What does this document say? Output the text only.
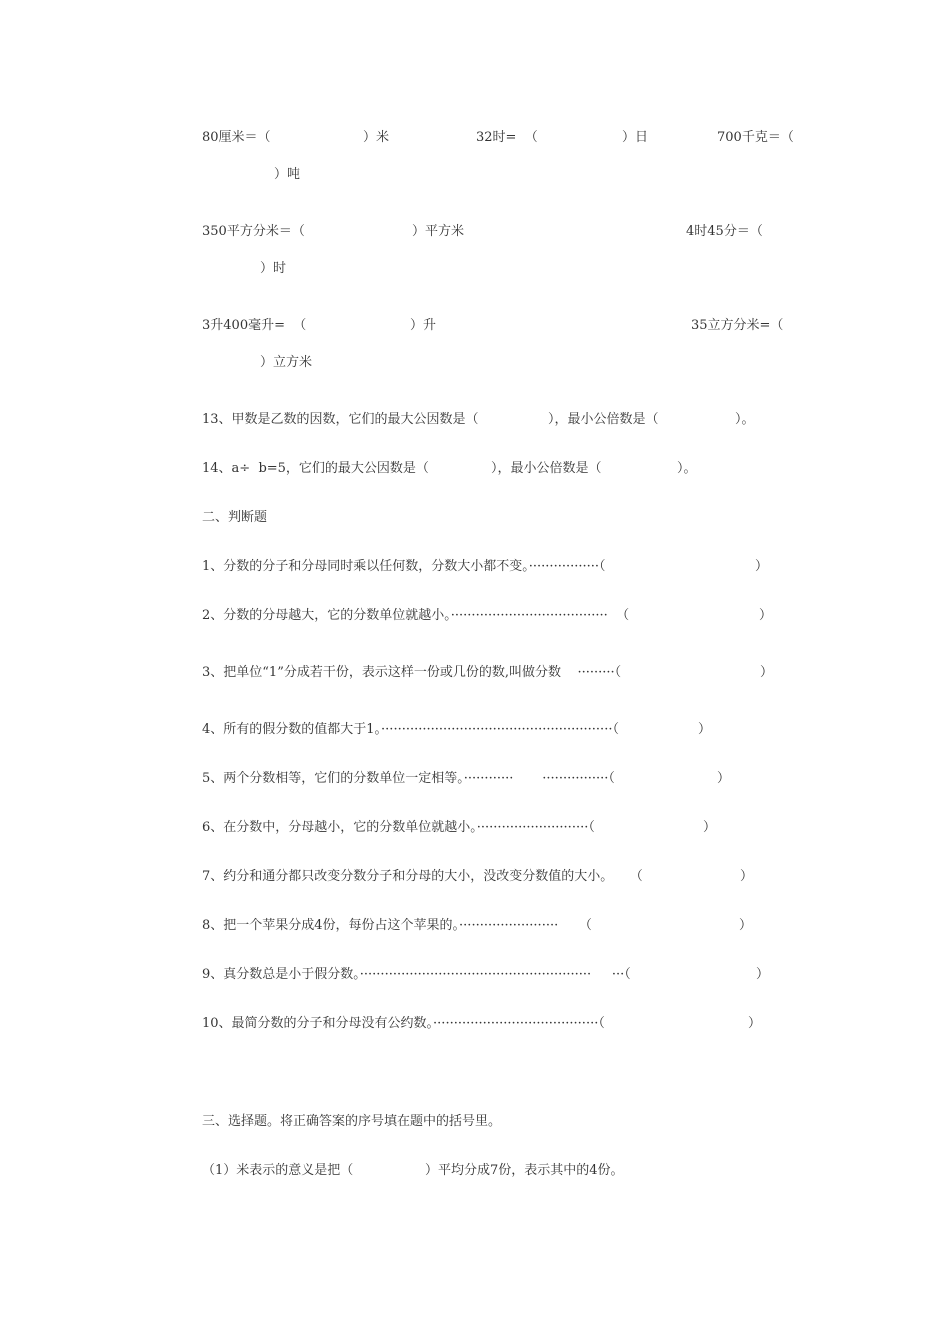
80厘米＝（	）米	32时=  （	）日	700千克＝（
）吨
350平方分米＝（	）平方米	4时45分＝（
）时
3升400毫升=  （	）升	35立方分米=（
）立方米
13、甲数是乙数的因数，它们的最大公因数是（	），最小公倍数是（	）。
14、a÷  b=5，它们的最大公因数是（	），最小公倍数是（	）。
二、判断题
1、分数的分子和分母同时乘以任何数，分数大小都不变。·················（	）
2、分数的分母越大，它的分数单位就越小。······································  （	）
3、把单位“1”分成若干份，表示这样一份或几份的数,叫做分数    ·········（	）
4、所有的假分数的值都大于1。························································（	）
5、两个分数相等，它们的分数单位一定相等。············       ················（	）
6、在分数中，分母越小，它的分数单位就越小。···························（	）
7、约分和通分都只改变分数分子和分母的大小，没改变分数值的大小。    （	）
8、把一个苹果分成4份，每份占这个苹果的。························     （	）
9、真分数总是小于假分数。························································     ···（	）
10、最简分数的分子和分母没有公约数。········································（	）
三、选择题。将正确答案的序号填在题中的括号里。
（1）米表示的意义是把（	）平均分成7份，表示其中的4份。
